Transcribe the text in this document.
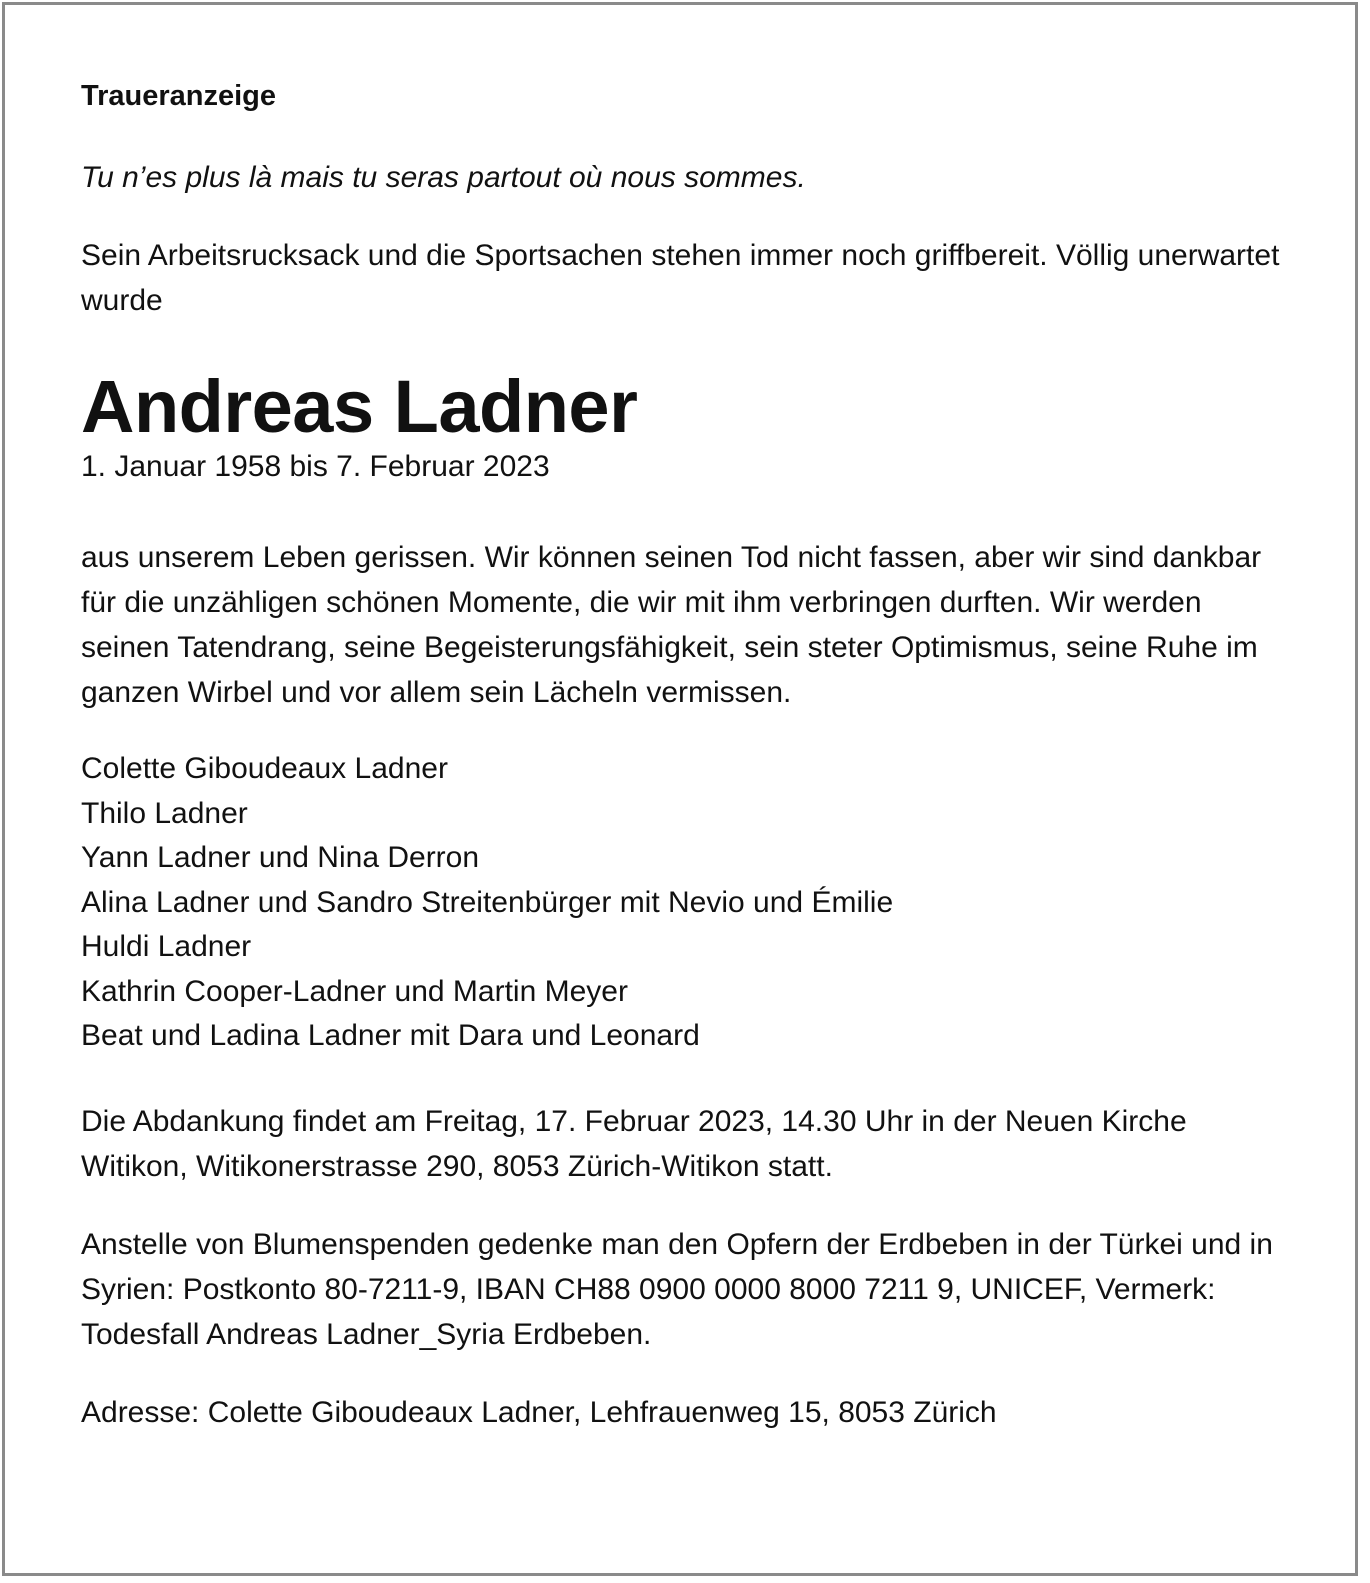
Traueranzeige

Tu n’es plus là mais tu seras partout où nous sommes.

Sein Arbeitsrucksack und die Sportsachen stehen immer noch griffbereit. Völlig unerwartet wurde

Andreas Ladner

1. Januar 1958 bis 7. Februar 2023

aus unserem Leben gerissen. Wir können seinen Tod nicht fassen, aber wir sind dankbar für die unzähligen schönen Momente, die wir mit ihm verbringen durften. Wir werden seinen Tatendrang, seine Begeisterungsfähigkeit, sein steter Optimismus, seine Ruhe im ganzen Wirbel und vor allem sein Lächeln vermissen.

Colette Giboudeaux Ladner
Thilo Ladner
Yann Ladner und Nina Derron
Alina Ladner und Sandro Streitenbürger mit Nevio und Émilie
Huldi Ladner
Kathrin Cooper-Ladner und Martin Meyer
Beat und Ladina Ladner mit Dara und Leonard

Die Abdankung findet am Freitag, 17. Februar 2023, 14.30 Uhr in der Neuen Kirche Witikon, Witikonerstrasse 290, 8053 Zürich-Witikon statt.

Anstelle von Blumenspenden gedenke man den Opfern der Erdbeben in der Türkei und in Syrien: Postkonto 80-7211-9, IBAN CH88 0900 0000 8000 7211 9, UNICEF, Vermerk: Todesfall Andreas Ladner_Syria Erdbeben.

Adresse: Colette Giboudeaux Ladner, Lehfrauenweg 15, 8053 Zürich
